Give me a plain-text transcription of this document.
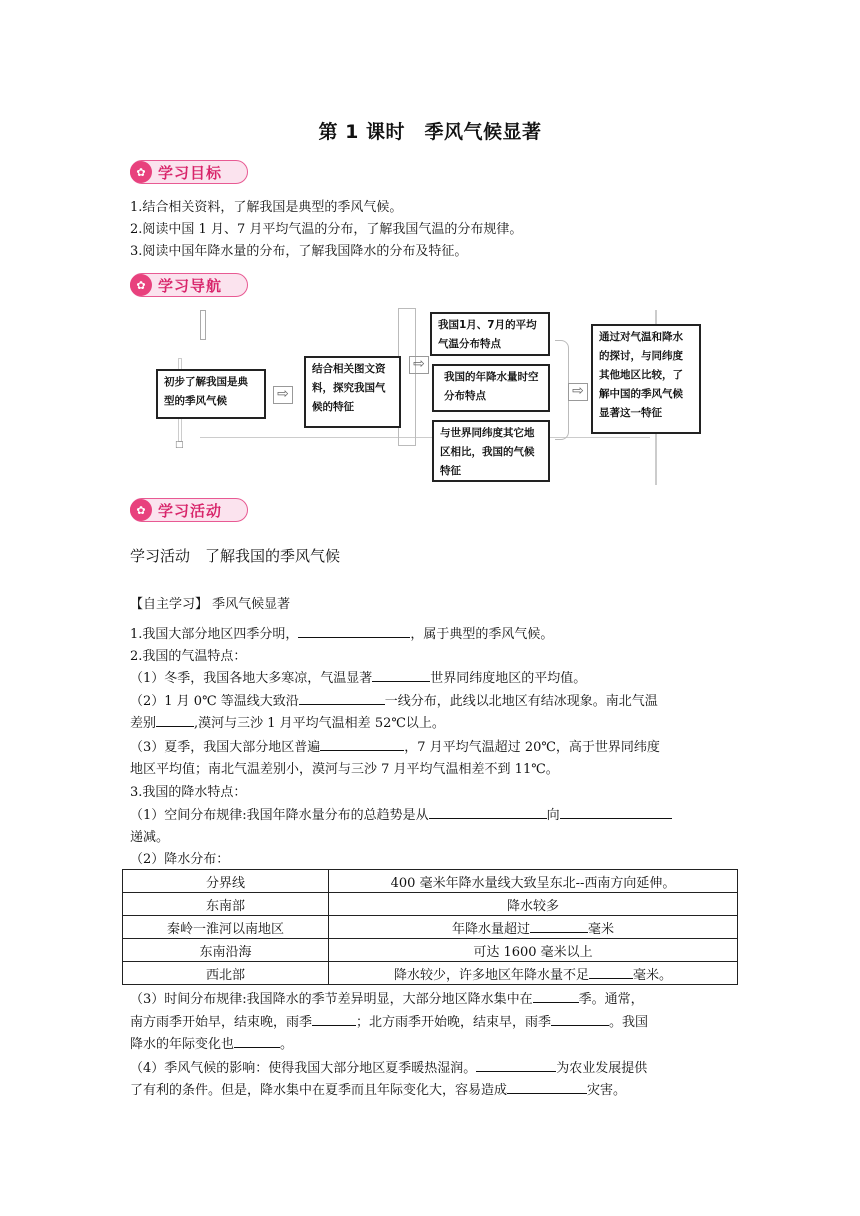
第 1 课时　季风气候显著
✿ 学习目标
1.结合相关资料，了解我国是典型的季风气候。
2.阅读中国 1 月、7 月平均气温的分布，了解我国气温的分布规律。
3.阅读中国年降水量的分布，了解我国降水的分布及特征。
✿ 学习导航
□
初步了解我国是典型的季风气候	⇨
结合相关图文资料，探究我国气候的特征
⇨
我国1月、7月的平均气温分布特点
我国的年降水量时空分布特点
与世界同纬度其它地区相比，我国的气候特征
⇨
通过对气温和降水的探讨，与同纬度其他地区比较，了解中国的季风气候显著这一特征
✿ 学习活动
学习活动　了解我国的季风气候
【自主学习】 季风气候显著
1.我国大部分地区四季分明，	，属于典型的季风气候。
2.我国的气温特点：
（1）冬季，我国各地大多寒凉，气温显著	世界同纬度地区的平均值。
（2）1 月 0℃ 等温线大致沿	一线分布，此线以北地区有结冰现象。南北气温
差别	,漠河与三沙 1 月平均气温相差 52℃以上。
（3）夏季，我国大部分地区普遍	，7 月平均气温超过 20℃，高于世界同纬度
地区平均值；南北气温差别小，漠河与三沙 7 月平均气温相差不到 11℃。
3.我国的降水特点：
（1）空间分布规律:我国年降水量分布的总趋势是从	向
递减。
（2）降水分布：
分界线	400 毫米年降水量线大致呈东北--西南方向延伸。
东南部	降水较多
秦岭一淮河以南地区	年降水量超过 毫米
东南沿海	可达 1600 毫米以上
西北部	降水较少，许多地区年降水量不足 毫米。
（3）时间分布规律:我国降水的季节差异明显，大部分地区降水集中在	季。通常，
南方雨季开始早，结束晚，雨季	；北方雨季开始晚，结束早，雨季	。我国
降水的年际变化也	。
（4）季风气候的影响：使得我国大部分地区夏季暖热湿润。	为农业发展提供
了有利的条件。但是，降水集中在夏季而且年际变化大，容易造成	灾害。
